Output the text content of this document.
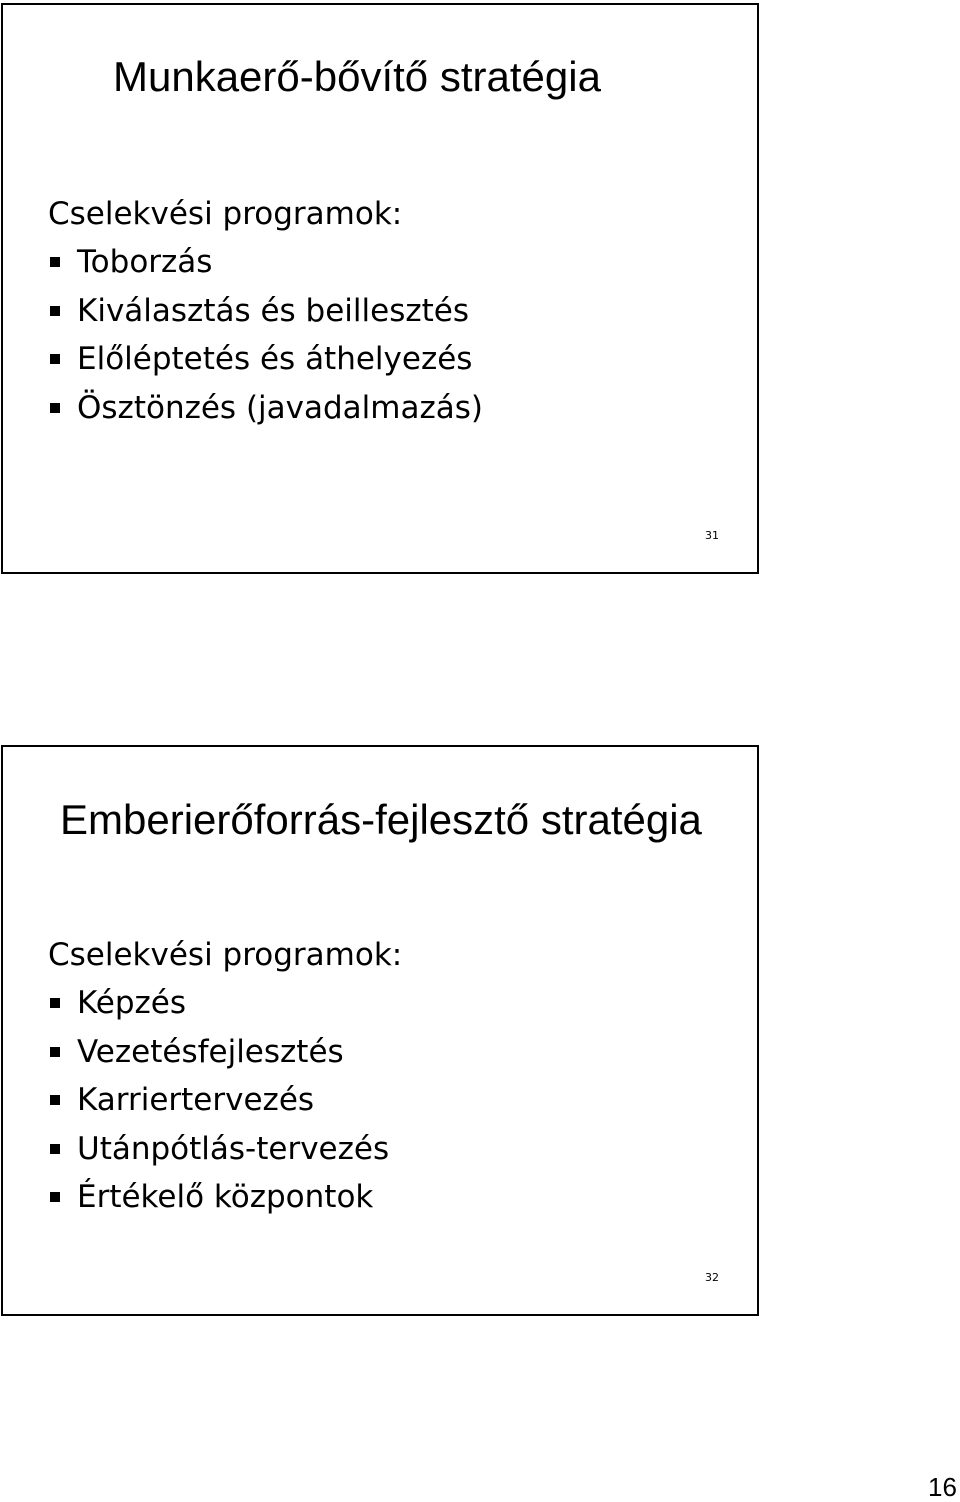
Munkaerő-bővítő stratégia

Cselekvési programok:

Toborzás
Kiválasztás és beillesztés
Előléptetés és áthelyezés
Ösztönzés (javadalmazás)
31
Emberierőforrás-fejlesztő stratégia

Cselekvési programok:

Képzés
Vezetésfejlesztés
Karriertervezés
Utánpótlás-tervezés
Értékelő központok
32
16
